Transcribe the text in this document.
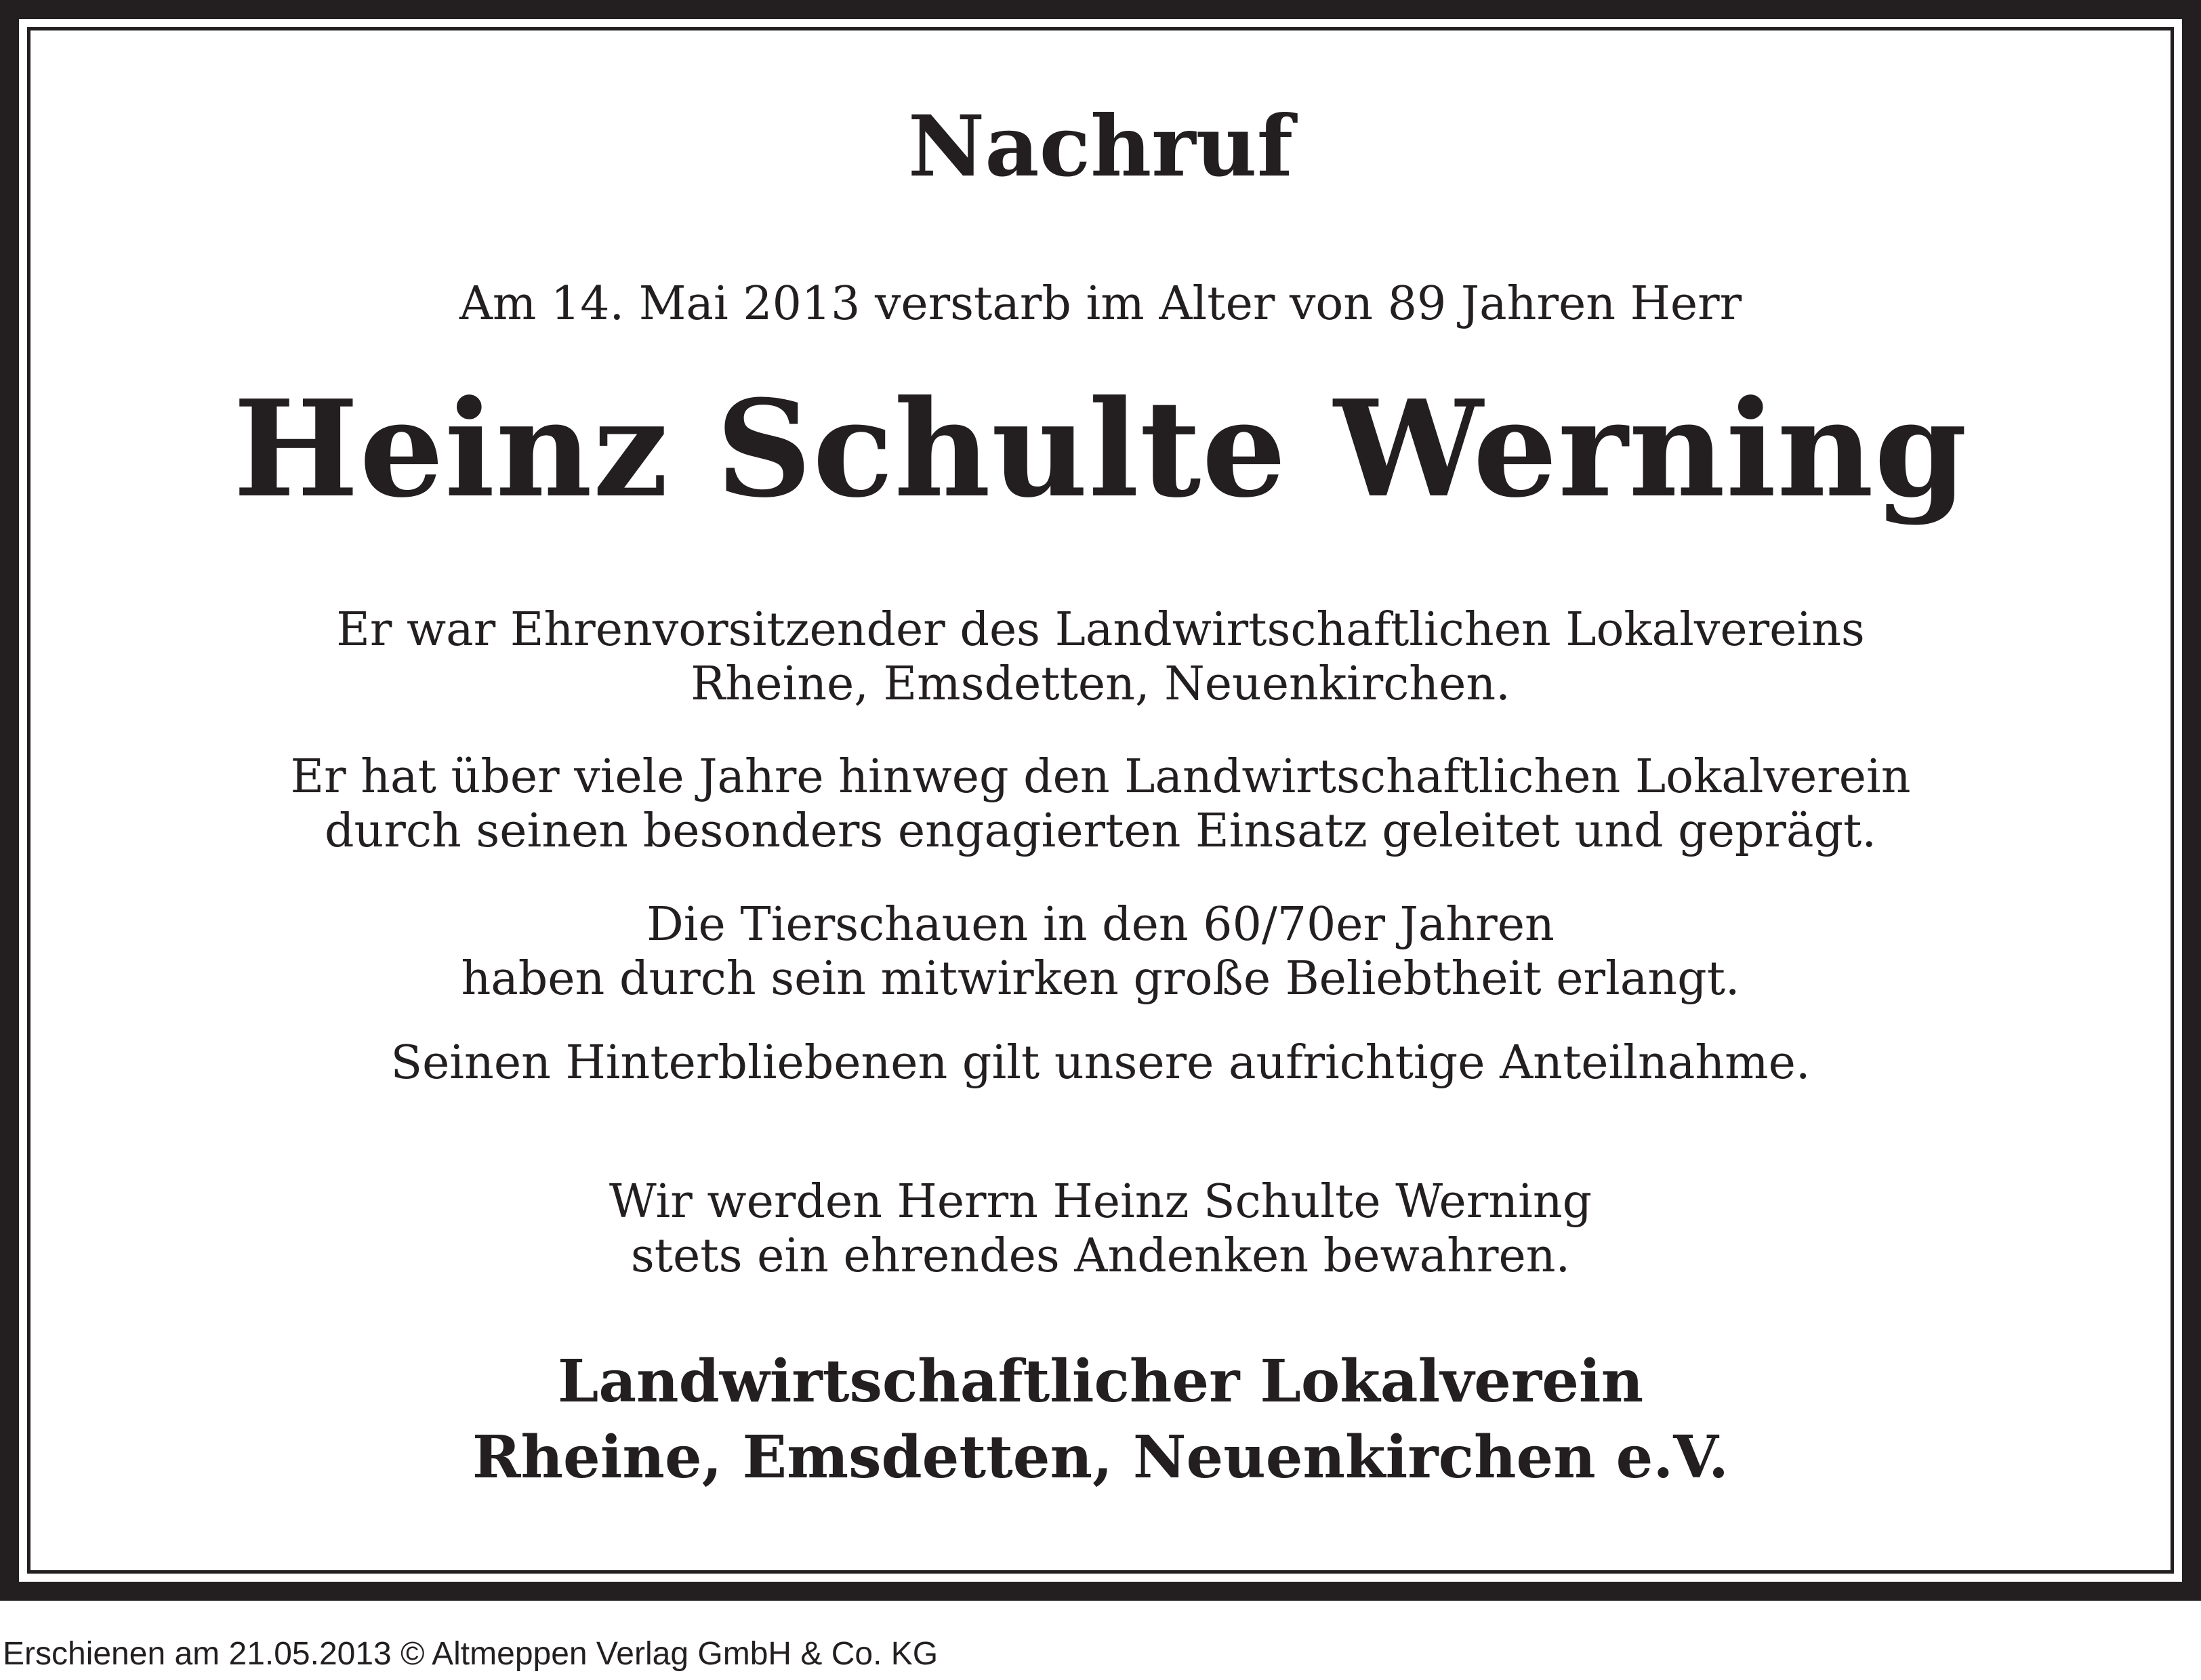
Nachruf
Am 14. Mai 2013 verstarb im Alter von 89 Jahren Herr
Heinz Schulte Werning
Er war Ehrenvorsitzender des Landwirtschaftlichen Lokalvereins
Rheine, Emsdetten, Neuenkirchen.
Er hat über viele Jahre hinweg den Landwirtschaftlichen Lokalverein
durch seinen besonders engagierten Einsatz geleitet und geprägt.
Die Tierschauen in den 60/70er Jahren
haben durch sein mitwirken große Beliebtheit erlangt.
Seinen Hinterbliebenen gilt unsere aufrichtige Anteilnahme.
Wir werden Herrn Heinz Schulte Werning
stets ein ehrendes Andenken bewahren.
Landwirtschaftlicher Lokalverein
Rheine, Emsdetten, Neuenkirchen e.V.
Erschienen am 21.05.2013 © Altmeppen Verlag GmbH & Co. KG
